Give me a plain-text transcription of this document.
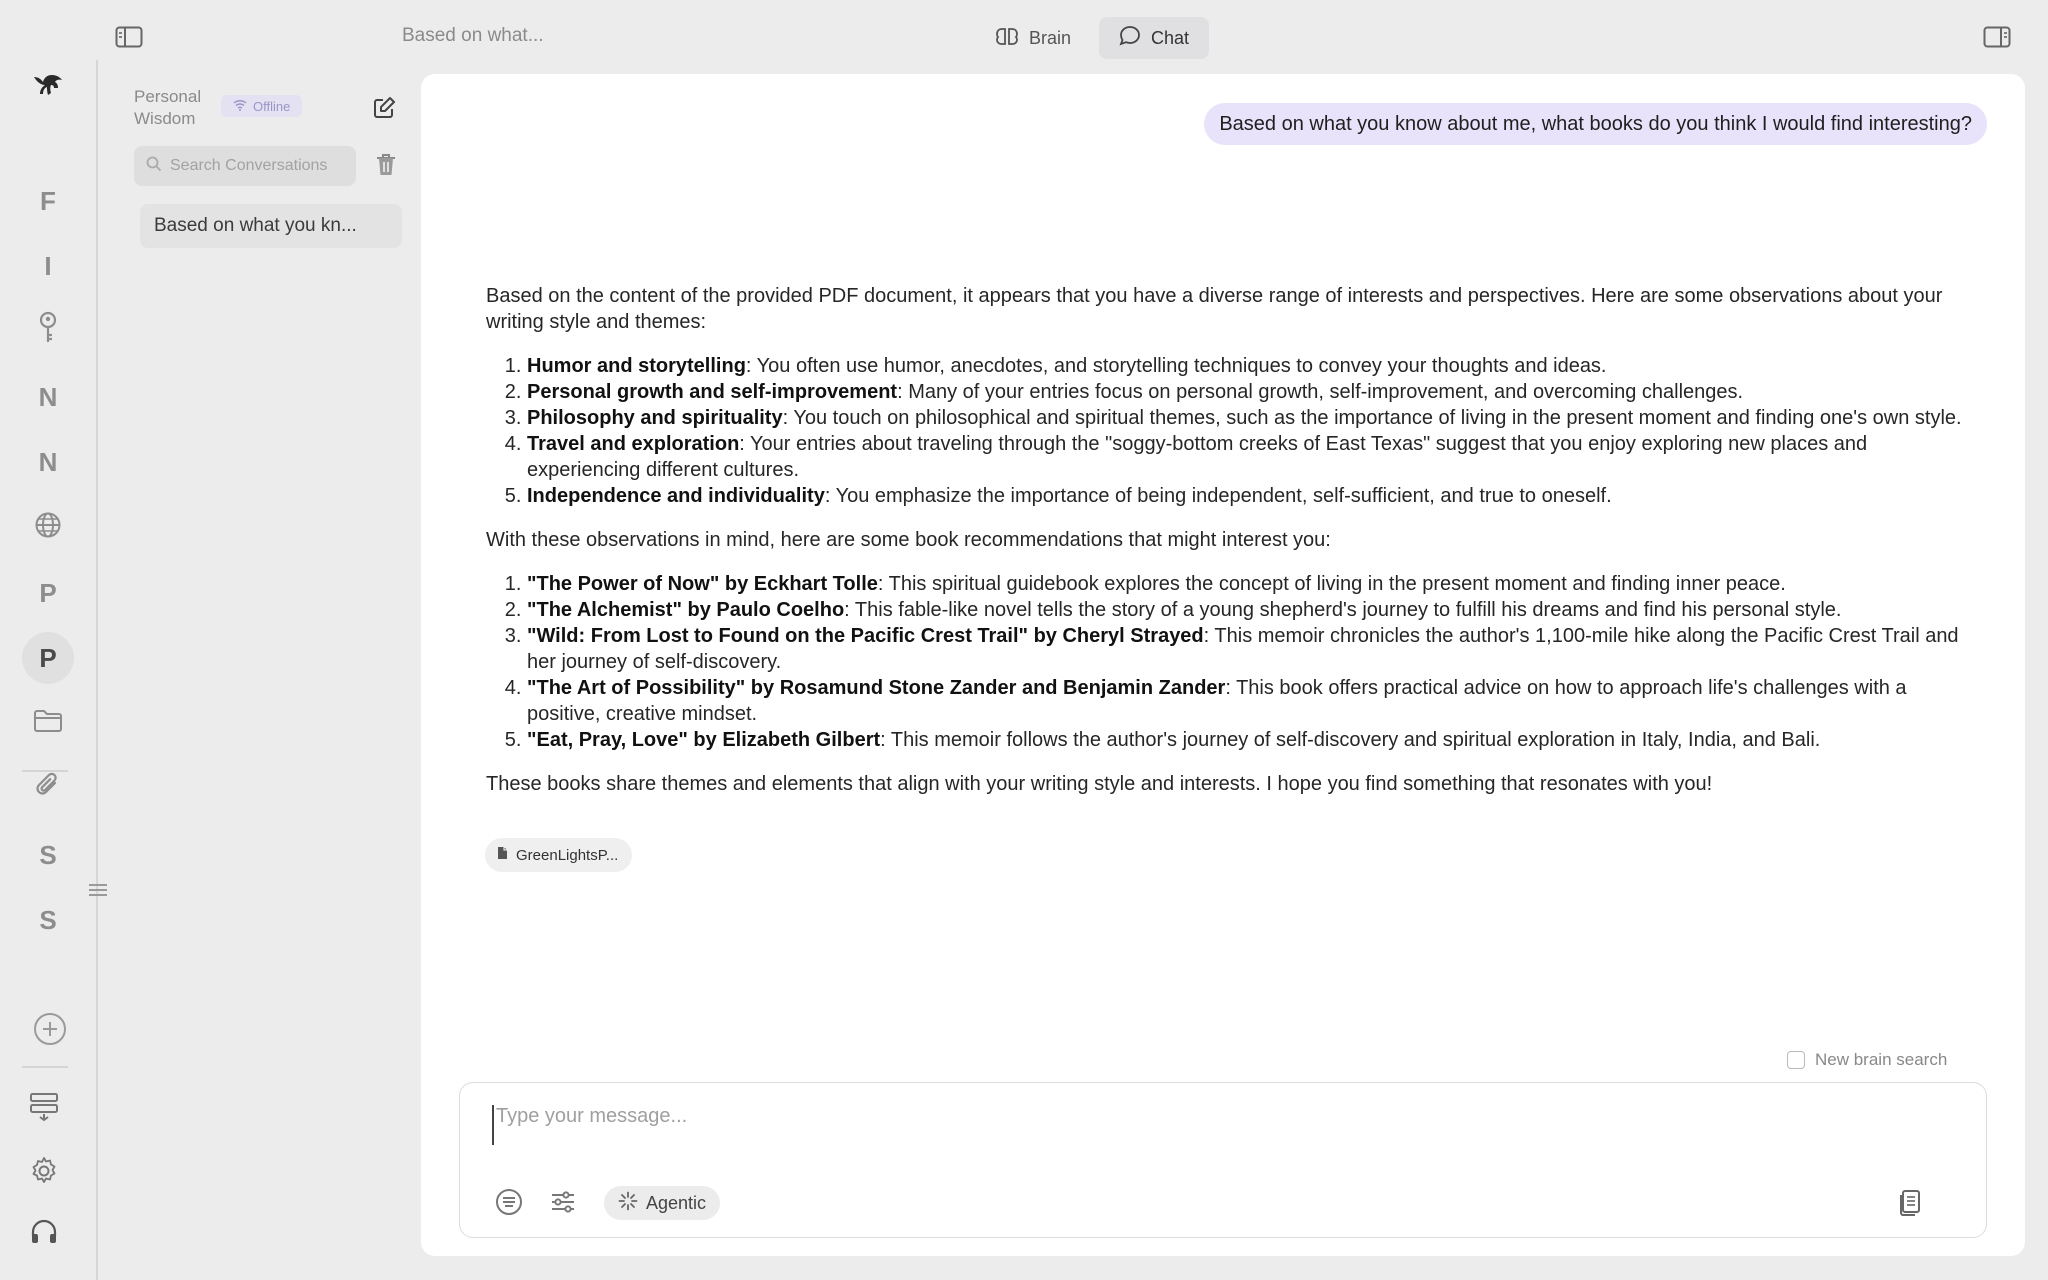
Based on what...	Brain	Chat
F
I
N
N
P
P
S
S
Personal Wisdom
Offline
Search Conversations
Based on what you kn...
Based on what you know about me, what books do you think I would find interesting?

Based on the content of the provided PDF document, it appears that you have a diverse range of interests and perspectives. Here are some observations about your writing style and themes:

1. Humor and storytelling: You often use humor, anecdotes, and storytelling techniques to convey your thoughts and ideas.
2. Personal growth and self-improvement: Many of your entries focus on personal growth, self-improvement, and overcoming challenges.
3. Philosophy and spirituality: You touch on philosophical and spiritual themes, such as the importance of living in the present moment and finding one's own style.
4. Travel and exploration: Your entries about traveling through the "soggy-bottom creeks of East Texas" suggest that you enjoy exploring new places and experiencing different cultures.
5. Independence and individuality: You emphasize the importance of being independent, self-sufficient, and true to oneself.

With these observations in mind, here are some book recommendations that might interest you:

1. "The Power of Now" by Eckhart Tolle: This spiritual guidebook explores the concept of living in the present moment and finding inner peace.
2. "The Alchemist" by Paulo Coelho: This fable-like novel tells the story of a young shepherd's journey to fulfill his dreams and find his personal style.
3. "Wild: From Lost to Found on the Pacific Crest Trail" by Cheryl Strayed: This memoir chronicles the author's 1,100-mile hike along the Pacific Crest Trail and her journey of self-discovery.
4. "The Art of Possibility" by Rosamund Stone Zander and Benjamin Zander: This book offers practical advice on how to approach life's challenges with a positive, creative mindset.
5. "Eat, Pray, Love" by Elizabeth Gilbert: This memoir follows the author's journey of self-discovery and spiritual exploration in Italy, India, and Bali.

These books share themes and elements that align with your writing style and interests. I hope you find something that resonates with you!

GreenLightsP...
New brain search
Type your message...
Agentic
